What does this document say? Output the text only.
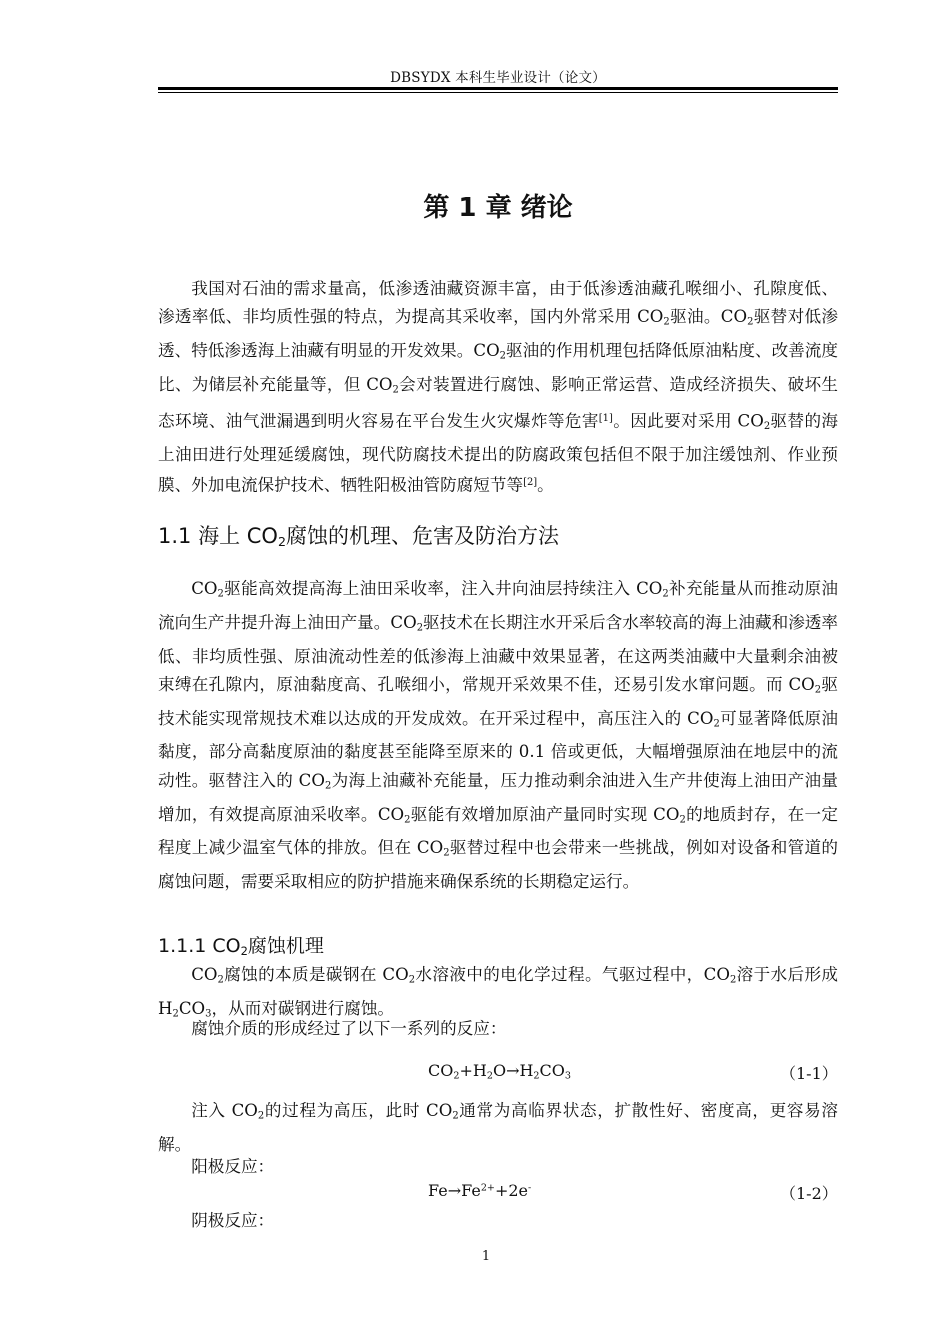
DBSYDX 本科生毕业设计（论文）
第 1 章 绪论

我国对石油的需求量高，低渗透油藏资源丰富，由于低渗透油藏孔喉细小、孔隙度低、渗透率低、非均质性强的特点，为提高其采收率，国内外常采用 $CO_2$驱油。$CO_2$驱替对低渗透、特低渗透海上油藏有明显的开发效果。$CO_2$驱油的作用机理包括降低原油粘度、改善流度比、为储层补充能量等，但 $CO_2$会对装置进行腐蚀、影响正常运营、造成经济损失、破坏生态环境、油气泄漏遇到明火容易在平台发生火灾爆炸等危害[1]。因此要对采用 $CO_2$驱替的海上油田进行处理延缓腐蚀，现代防腐技术提出的防腐政策包括但不限于加注缓蚀剂、作业预膜、外加电流保护技术、牺牲阳极油管防腐短节等[2]。

1.1 海上 $CO_2$腐蚀的机理、危害及防治方法

$CO_2$驱能高效提高海上油田采收率，注入井向油层持续注入 $CO_2$补充能量从而推动原油流向生产井提升海上油田产量。$CO_2$驱技术在长期注水开采后含水率较高的海上油藏和渗透率低、非均质性强、原油流动性差的低渗海上油藏中效果显著，在这两类油藏中大量剩余油被束缚在孔隙内，原油黏度高、孔喉细小，常规开采效果不佳，还易引发水窜问题。而 $CO_2$驱技术能实现常规技术难以达成的开发成效。在开采过程中，高压注入的 $CO_2$可显著降低原油黏度，部分高黏度原油的黏度甚至能降至原来的 0.1 倍或更低，大幅增强原油在地层中的流动性。驱替注入的 $CO_2$为海上油藏补充能量，压力推动剩余油进入生产井使海上油田产油量增加，有效提高原油采收率。$CO_2$驱能有效增加原油产量同时实现 $CO_2$的地质封存，在一定程度上减少温室气体的排放。但在 $CO_2$驱替过程中也会带来一些挑战，例如对设备和管道的腐蚀问题，需要采取相应的防护措施来确保系统的长期稳定运行。

1.1.1 $CO_2$腐蚀机理

$CO_2$腐蚀的本质是碳钢在 $CO_2$水溶液中的电化学过程。气驱过程中，$CO_2$溶于水后形成 $H_2CO_3$，从而对碳钢进行腐蚀。

腐蚀介质的形成经过了以下一系列的反应：

$CO_2+H_2O\to H_2CO_3$	（1-1）

注入 $CO_2$的过程为高压，此时 $CO_2$通常为高临界状态，扩散性好、密度高，更容易溶解。

阳极反应：

$Fe\to Fe^{2+}+2e^-$	（1-2）

阴极反应：

1
